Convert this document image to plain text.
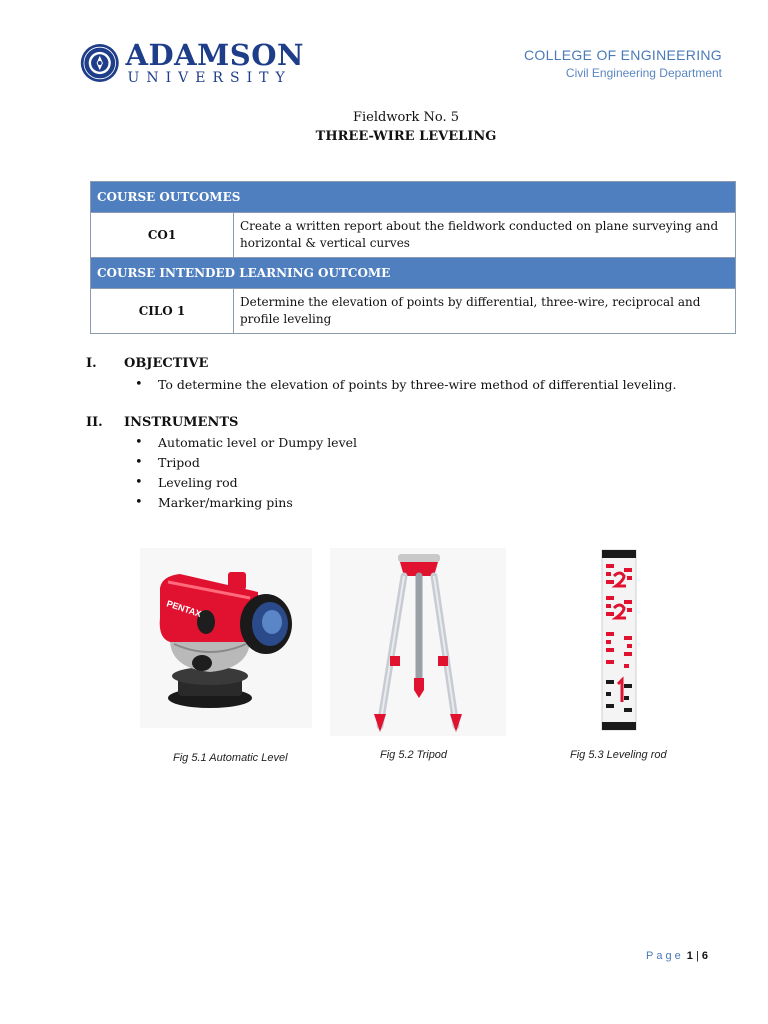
ADAMSON
UNIVERSITY
COLLEGE OF ENGINEERING
Civil Engineering Department
Fieldwork No. 5
THREE-WIRE LEVELING
COURSE OUTCOMES	
CO1	Create a written report about the fieldwork conducted on plane surveying and horizontal & vertical curves
COURSE INTENDED LEARNING OUTCOME	
CILO 1	Determine the elevation of points by differential, three-wire, reciprocal and profile leveling
I. OBJECTIVE
• To determine the elevation of points by three-wire method of differential leveling.
II. INSTRUMENTS
• Automatic level or Dumpy level
• Tripod
• Leveling rod
• Marker/marking pins
PENTAX
Fig 5.1 Automatic Level	Fig 5.2 Tripod	Fig 5.3 Leveling rod
Page 1 | 6
